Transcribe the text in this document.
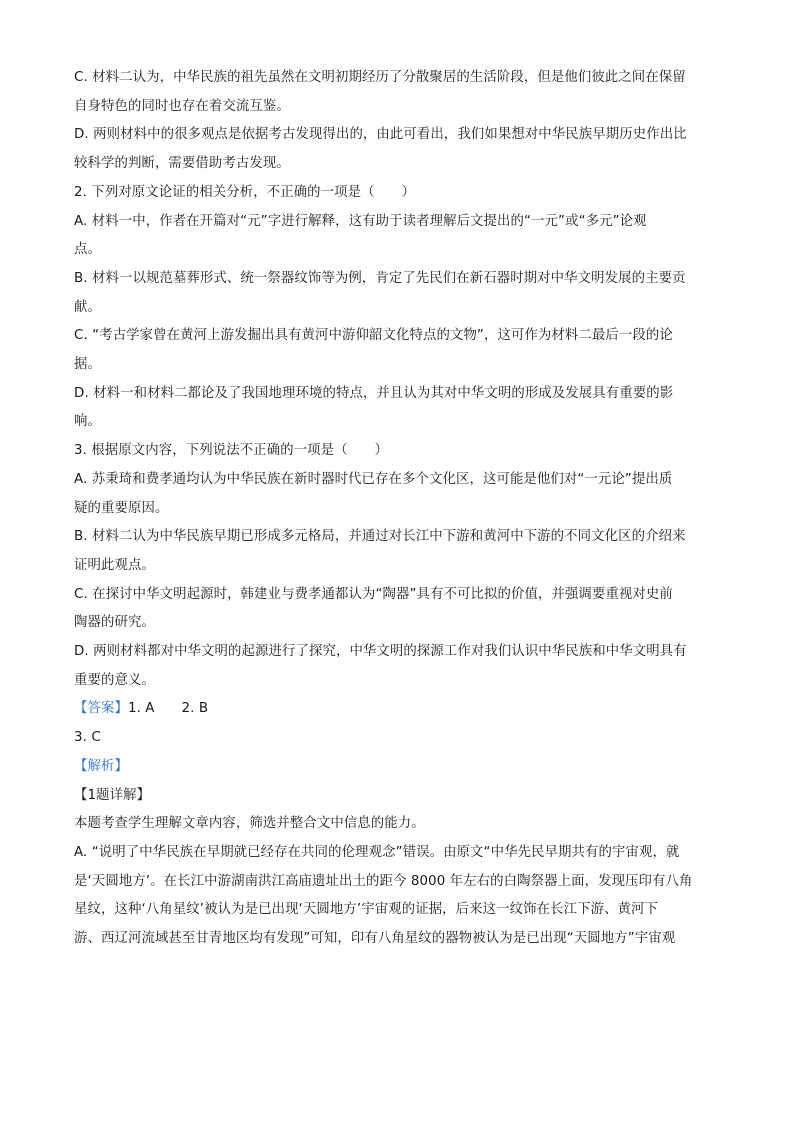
C. 材料二认为，中华民族的祖先虽然在文明初期经历了分散聚居的生活阶段，但是他们彼此之间在保留

自身特色的同时也存在着交流互鉴。

D. 两则材料中的很多观点是依据考古发现得出的，由此可看出，我们如果想对中华民族早期历史作出比

较科学的判断，需要借助考古发现。

2. 下列对原文论证的相关分析，不正确的一项是（　　）

A. 材料一中，作者在开篇对“元”字进行解释，这有助于读者理解后文提出的“一元”或“多元”论观

点。

B. 材料一以规范墓葬形式、统一祭器纹饰等为例，肯定了先民们在新石器时期对中华文明发展的主要贡

献。

C. “考古学家曾在黄河上游发掘出具有黄河中游仰韶文化特点的文物”，这可作为材料二最后一段的论

据。

D. 材料一和材料二都论及了我国地理环境的特点，并且认为其对中华文明的形成及发展具有重要的影

响。

3. 根据原文内容，下列说法不正确的一项是（　　）

A. 苏秉琦和费孝通均认为中华民族在新时器时代已存在多个文化区，这可能是他们对“一元论”提出质

疑的重要原因。

B. 材料二认为中华民族早期已形成多元格局，并通过对长江中下游和黄河中下游的不同文化区的介绍来

证明此观点。

C. 在探讨中华文明起源时，韩建业与费孝通都认为“陶器”具有不可比拟的价值，并强调要重视对史前

陶器的研究。

D. 两则材料都对中华文明的起源进行了探究，中华文明的探源工作对我们认识中华民族和中华文明具有

重要的意义。

【答案】1. A　　2. B

3. C

【解析】

【1题详解】

本题考查学生理解文章内容，筛选并整合文中信息的能力。

A. “说明了中华民族在早期就已经存在共同的伦理观念”错误。由原文“中华先民早期共有的宇宙观，就

是‘天圆地方’。在长江中游湖南洪江高庙遗址出土的距今 8000 年左右的白陶祭器上面，发现压印有八角

星纹，这种‘八角星纹’被认为是已出现‘天圆地方’宇宙观的证据，后来这一纹饰在长江下游、黄河下

游、西辽河流域甚至甘青地区均有发现”可知，印有八角星纹的器物被认为是已出现“天圆地方”宇宙观
